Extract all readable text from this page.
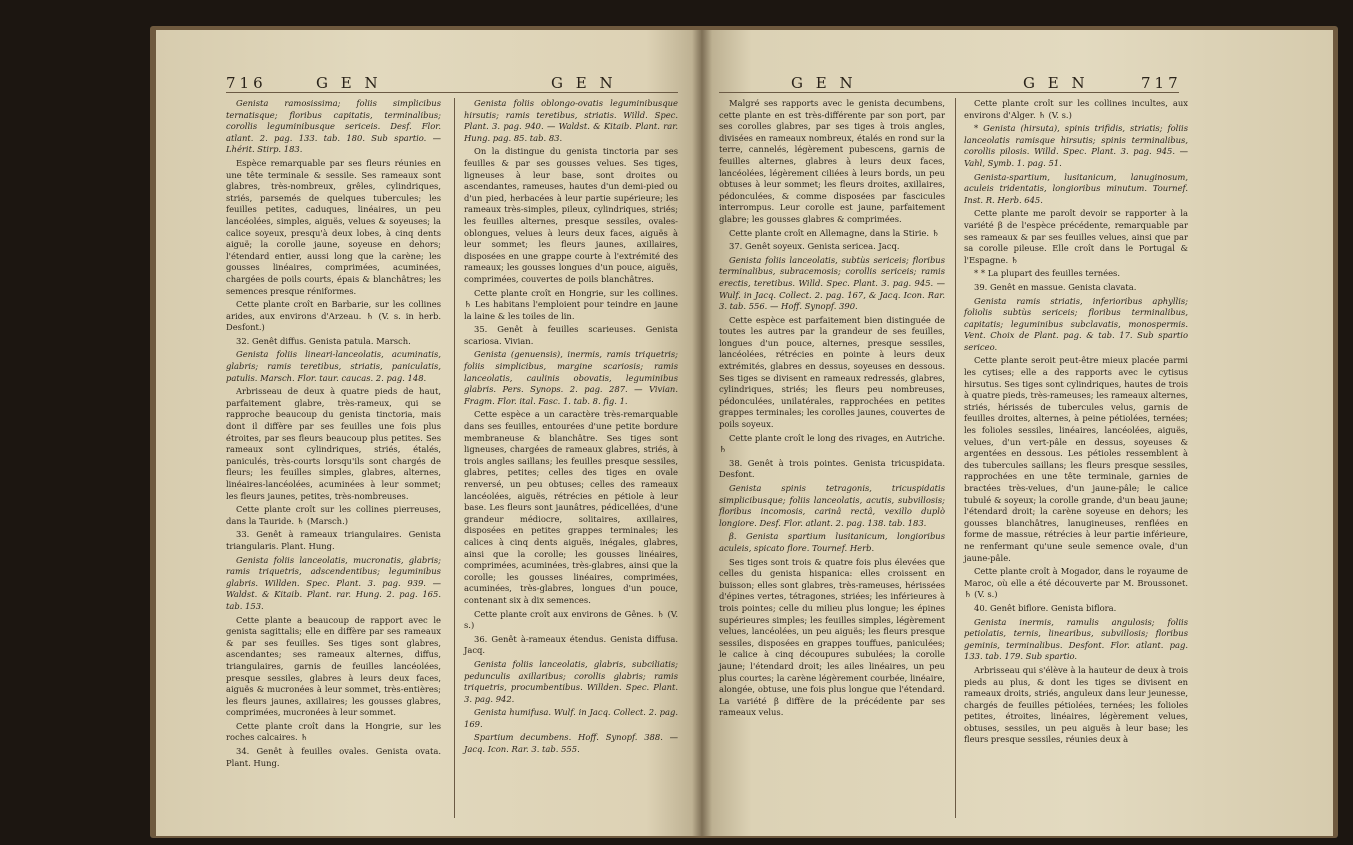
716	G E N	G E N

Genista ramosissima; foliis simplicibus ternatisque; floribus capitatis, terminalibus; corollis leguminibusque sericeis. Desf. Flor. atlant. 2. pag. 133. tab. 180. Sub spartio. — Lhérit. Stirp. 183.

Espèce remarquable par ses fleurs réunies en une tête terminale & sessile. Ses rameaux sont glabres, très-nombreux, grêles, cylindriques, striés, parsemés de quelques tubercules; les feuilles petites, caduques, linéaires, un peu lancéolées, simples, aiguës, velues & soyeuses; la calice soyeux, presqu'à deux lobes, à cinq dents aiguë; la corolle jaune, soyeuse en dehors; l'étendard entier, aussi long que la carène; les gousses linéaires, comprimées, acuminées, chargées de poils courts, épais & blanchâtres; les semences presque réniformes.

Cette plante croît en Barbarie, sur les collines arides, aux environs d'Arzeau. ♄ (V. s. in herb. Desfont.)

32. Genêt diffus. Genista patula. Marsch.

Genista foliis lineari-lanceolatis, acuminatis, glabris; ramis teretibus, striatis, paniculatis, patulis. Marsch. Flor. taur. caucas. 2. pag. 148.

Arbrisseau de deux à quatre pieds de haut, parfaitement glabre, très-rameux, qui se rapproche beaucoup du genista tinctoria, mais dont il diffère par ses feuilles une fois plus étroites, par ses fleurs beaucoup plus petites. Ses rameaux sont cylindriques, striés, étalés, paniculés, très-courts lorsqu'ils sont chargés de fleurs; les feuilles simples, glabres, alternes, linéaires-lancéolées, acuminées à leur sommet; les fleurs jaunes, petites, très-nombreuses.

Cette plante croît sur les collines pierreuses, dans la Tauride. ♄ (Marsch.)

33. Genêt à rameaux triangulaires. Genista triangularis. Plant. Hung.

Genista foliis lanceolatis, mucronatis, glabris; ramis triquetris, adscendentibus; leguminibus glabris. Willden. Spec. Plant. 3. pag. 939. — Waldst. & Kitaib. Plant. rar. Hung. 2. pag. 165. tab. 153.

Cette plante a beaucoup de rapport avec le genista sagittalis; elle en diffère par ses rameaux & par ses feuilles. Ses tiges sont glabres, ascendantes; ses rameaux alternes, diffus, triangulaires, garnis de feuilles lancéolées, presque sessiles, glabres à leurs deux faces, aiguës & mucronées à leur sommet, très-entières; les fleurs jaunes, axillaires; les gousses glabres, comprimées, mucronées à leur sommet.

Cette plante croît dans la Hongrie, sur les roches calcaires. ♄

34. Genêt à feuilles ovales. Genista ovata. Plant. Hung.

Genista foliis oblongo-ovatis leguminibusque hirsutis; ramis teretibus, striatis. Willd. Spec. Plant. 3. pag. 940. — Waldst. & Kitaib. Plant. rar. Hung. pag. 85. tab. 83.

On la distingue du genista tinctoria par ses feuilles & par ses gousses velues. Ses tiges, ligneuses à leur base, sont droites ou ascendantes, rameuses, hautes d'un demi-pied ou d'un pied, herbacées à leur partie supérieure; les rameaux très-simples, pileux, cylindriques, striés; les feuilles alternes, presque sessiles, ovales-oblongues, velues à leurs deux faces, aiguës à leur sommet; les fleurs jaunes, axillaires, disposées en une grappe courte à l'extrémité des rameaux; les gousses longues d'un pouce, aiguës, comprimées, couvertes de poils blanchâtres.

Cette plante croît en Hongrie, sur les collines. ♄ Les habitans l'emploient pour teindre en jaune la laine & les toiles de lin.

35. Genêt à feuilles scarieuses. Genista scariosa. Vivian.

Genista (genuensis), inermis, ramis triquetris; foliis simplicibus, margine scariosis; ramis lanceolatis, caulinis obovatis, leguminibus glabris. Pers. Synops. 2. pag. 287. — Vivian. Fragm. Flor. ital. Fasc. 1. tab. 8. fig. 1.

Cette espèce a un caractère très-remarquable dans ses feuilles, entourées d'une petite bordure membraneuse & blanchâtre. Ses tiges sont ligneuses, chargées de rameaux glabres, striés, à trois angles saillans; les feuilles presque sessiles, glabres, petites; celles des tiges en ovale renversé, un peu obtuses; celles des rameaux lancéolées, aiguës, rétrécies en pétiole à leur base. Les fleurs sont jaunâtres, pédicellées, d'une grandeur médiocre, solitaires, axillaires, disposées en petites grappes terminales; les calices à cinq dents aiguës, inégales, glabres, ainsi que la corolle; les gousses linéaires, comprimées, acuminées, très-glabres, ainsi que la corolle; les gousses linéaires, comprimées, acuminées, très-glabres, longues d'un pouce, contenant six à dix semences.

Cette plante croît aux environs de Gênes. ♄ (V. s.)

36. Genêt à-rameaux étendus. Genista diffusa. Jacq.

Genista foliis lanceolatis, glabris, subciliatis; pedunculis axillaribus; corollis glabris; ramis triquetris, procumbentibus. Willden. Spec. Plant. 3. pag. 942.

Genista humifusa. Wulf. in Jacq. Collect. 2. pag. 169.

Spartium decumbens. Hoff. Synopf. 388. — Jacq. Icon. Rar. 3. tab. 555.

G E N	G E N	717

Malgré ses rapports avec le genista decumbens, cette plante en est très-différente par son port, par ses corolles glabres, par ses tiges à trois angles, divisées en rameaux nombreux, étalés en rond sur la terre, cannelés, légèrement pubescens, garnis de feuilles alternes, glabres à leurs deux faces, lancéolées, légèrement ciliées à leurs bords, un peu obtuses à leur sommet; les fleurs droites, axillaires, pédonculées, & comme disposées par fascicules interrompus. Leur corolle est jaune, parfaitement glabre; les gousses glabres & comprimées.

Cette plante croît en Allemagne, dans la Stirie. ♄

37. Genêt soyeux. Genista sericea. Jacq.

Genista foliis lanceolatis, subtùs sericeis; floribus terminalibus, subracemosis; corollis sericeis; ramis erectis, teretibus. Willd. Spec. Plant. 3. pag. 945. — Wulf. in Jacq. Collect. 2. pag. 167, & Jacq. Icon. Rar. 3. tab. 556. — Hoff. Synopf. 390.

Cette espèce est parfaitement bien distinguée de toutes les autres par la grandeur de ses feuilles, longues d'un pouce, alternes, presque sessiles, lancéolées, rétrécies en pointe à leurs deux extrémités, glabres en dessus, soyeuses en dessous. Ses tiges se divisent en rameaux redressés, glabres, cylindriques, striés; les fleurs peu nombreuses, pédonculées, unilatérales, rapprochées en petites grappes terminales; les corolles jaunes, couvertes de poils soyeux.

Cette plante croît le long des rivages, en Autriche. ♄

38. Genêt à trois pointes. Genista tricuspidata. Desfont.

Genista spinis tetragonis, tricuspidatis simplicibusque; foliis lanceolatis, acutis, subvillosis; floribus incomosis, carinâ rectâ, vexillo duplò longiore. Desf. Flor. atlant. 2. pag. 138. tab. 183.

β. Genista spartium lusitanicum, longioribus aculeis, spicato flore. Tournef. Herb.

Ses tiges sont trois & quatre fois plus élevées que celles du genista hispanica: elles croissent en buisson; elles sont glabres, très-rameuses, hérissées d'épines vertes, tétragones, striées; les inférieures à trois pointes; celle du milieu plus longue; les épines supérieures simples; les feuilles simples, légèrement velues, lancéolées, un peu aiguës; les fleurs presque sessiles, disposées en grappes touffues, paniculées; le calice à cinq découpures subulées; la corolle jaune; l'étendard droit; les ailes linéaires, un peu plus courtes; la carène légèrement courbée, linéaire, alongée, obtuse, une fois plus longue que l'étendard. La variété β diffère de la précédente par ses rameaux velus.

Cette plante croît sur les collines incultes, aux environs d'Alger. ♄ (V. s.)

* Genista (hirsuta), spinis trifidis, striatis; foliis lanceolatis ramisque hirsutis; spinis terminalibus, corollis pilosis. Willd. Spec. Plant. 3. pag. 945. — Vahl, Symb. 1. pag. 51.

Genista-spartium, lusitanicum, lanuginosum, aculeis tridentatis, longioribus minutum. Tournef. Inst. R. Herb. 645.

Cette plante me paroît devoir se rapporter à la variété β de l'espèce précédente, remarquable par ses rameaux & par ses feuilles velues, ainsi que par sa corolle pileuse. Elle croît dans le Portugal & l'Espagne. ♄

* * La plupart des feuilles ternées.

39. Genêt en massue. Genista clavata.

Genista ramis striatis, inferioribus aphyllis; foliolis subtùs sericeis; floribus terminalibus, capitatis; leguminibus subclavatis, monospermis. Vent. Choix de Plant. pag. & tab. 17. Sub spartio sericeo.

Cette plante seroit peut-être mieux placée parmi les cytises; elle a des rapports avec le cytisus hirsutus. Ses tiges sont cylindriques, hautes de trois à quatre pieds, très-rameuses; les rameaux alternes, striés, hérissés de tubercules velus, garnis de feuilles droites, alternes, à peine pétiolées, ternées; les folioles sessiles, linéaires, lancéolées, aiguës, velues, d'un vert-pâle en dessus, soyeuses & argentées en dessous. Les pétioles ressemblent à des tubercules saillans; les fleurs presque sessiles, rapprochées en une tête terminale, garnies de bractées très-velues, d'un jaune-pâle; le calice tubulé & soyeux; la corolle grande, d'un beau jaune; l'étendard droit; la carène soyeuse en dehors; les gousses blanchâtres, lanugineuses, renflées en forme de massue, rétrécies à leur partie inférieure, ne renfermant qu'une seule semence ovale, d'un jaune-pâle.

Cette plante croît à Mogador, dans le royaume de Maroc, où elle a été découverte par M. Broussonet. ♄ (V. s.)

40. Genêt biflore. Genista biflora.

Genista inermis, ramulis angulosis; foliis petiolatis, ternis, linearibus, subvillosis; floribus geminis, terminalibus. Desfont. Flor. atlant. pag. 133. tab. 179. Sub spartio.

Arbrisseau qui s'élève à la hauteur de deux à trois pieds au plus, & dont les tiges se divisent en rameaux droits, striés, anguleux dans leur jeunesse, chargés de feuilles pétiolées, ternées; les folioles petites, étroites, linéaires, légèrement velues, obtuses, sessiles, un peu aiguës à leur base; les fleurs presque sessiles, réunies deux à
